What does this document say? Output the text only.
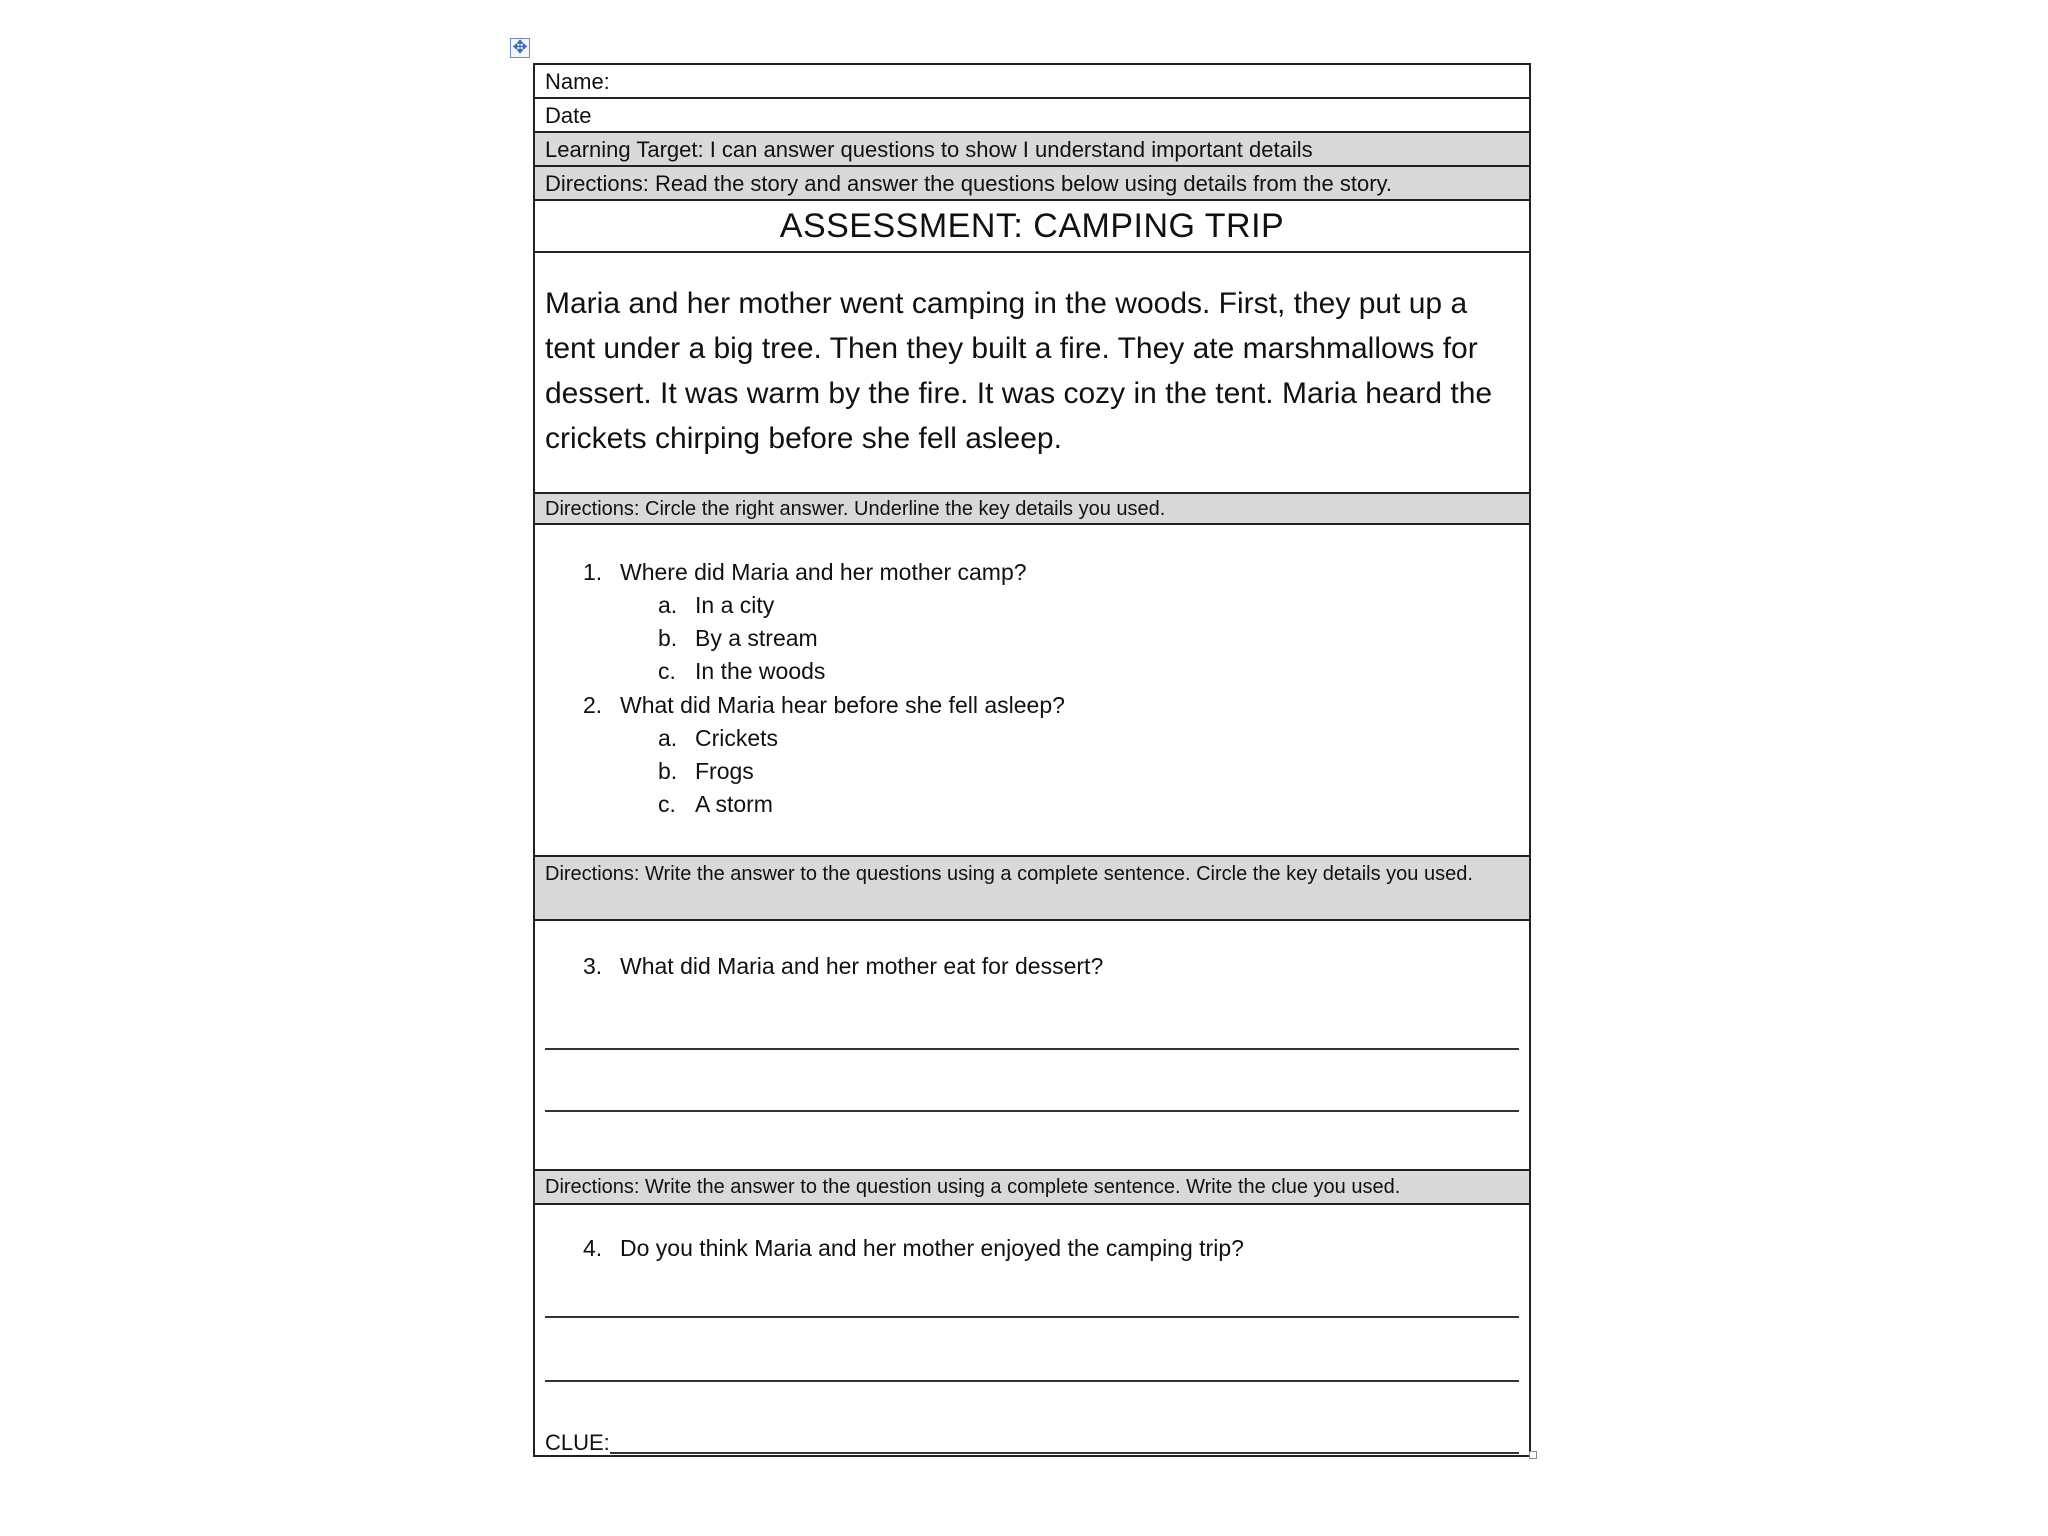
✥
Name:
Date
Learning Target: I can answer questions to show I understand important details
Directions: Read the story and answer the questions below using details from the story.
ASSESSMENT: CAMPING TRIP
Maria and her mother went camping in the woods. First, they put up a tent under a big tree. Then they built a fire. They ate marshmallows for dessert. It was warm by the fire. It was cozy in the tent. Maria heard the crickets chirping before she fell asleep.
Directions: Circle the right answer. Underline the key details you used.
1. Where did Maria and her mother camp?
a. In a city
b. By a stream
c. In the woods
2. What did Maria hear before she fell asleep?
a. Crickets
b. Frogs
c. A storm
Directions: Write the answer to the questions using a complete sentence. Circle the key details you used.
3. What did Maria and her mother eat for dessert?
Directions: Write the answer to the question using a complete sentence. Write the clue you used.
4. Do you think Maria and her mother enjoyed the camping trip?
CLUE:
